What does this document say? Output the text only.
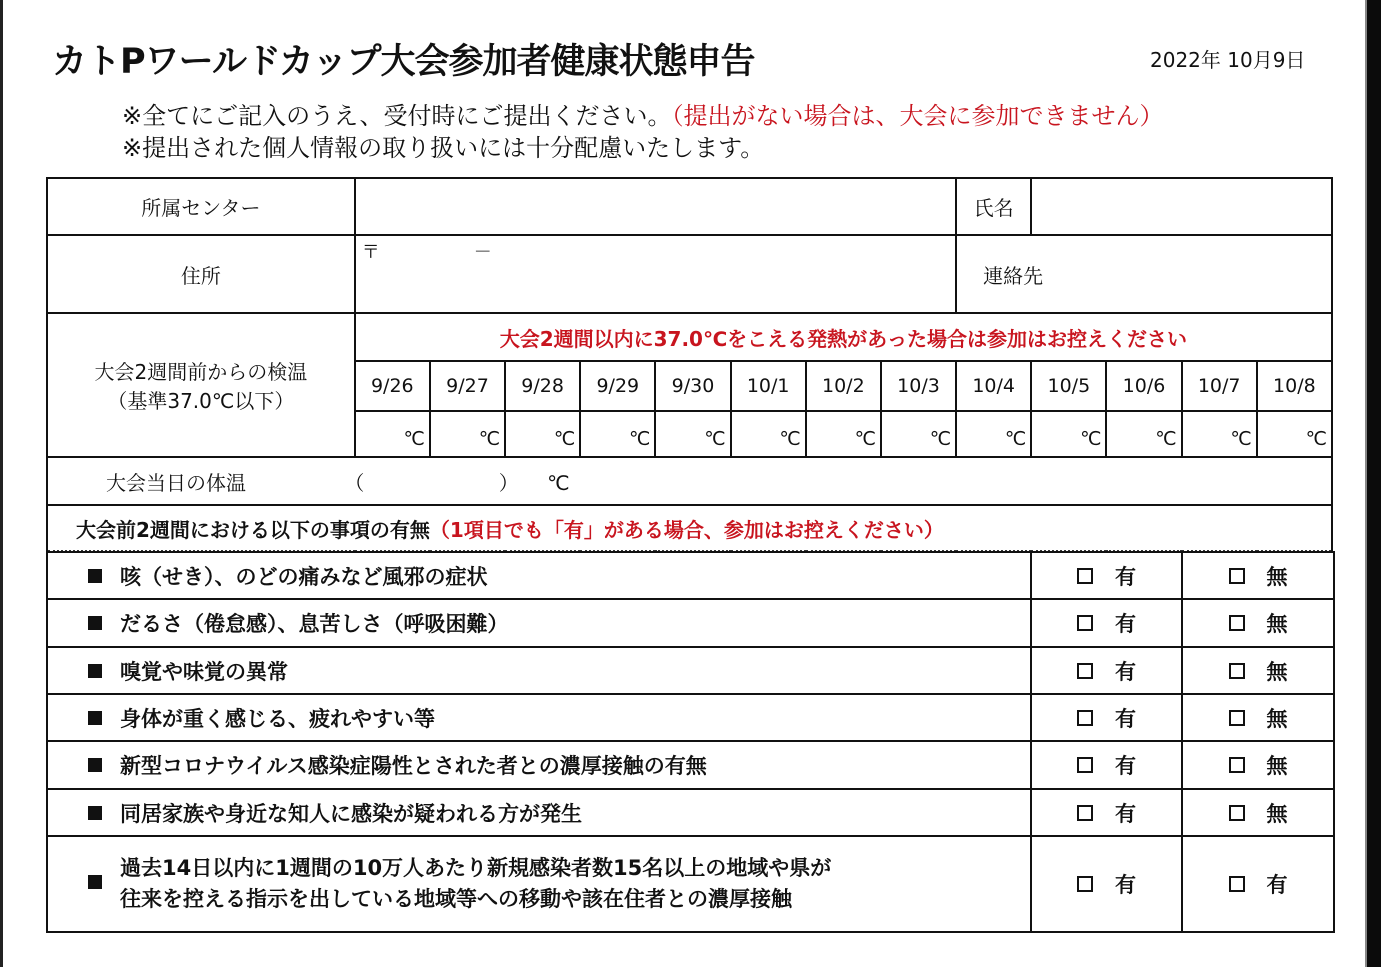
カトPワールドカップ大会参加者健康状態申告	2022年 10月9日
※全てにご記入のうえ、受付時にご提出ください。（提出がない場合は、大会に参加できません）
※提出された個人情報の取り扱いには十分配慮いたします。
所属センター									氏名				
住所	〒 －								連絡先				

大会2週間前からの検温
（基準37.0℃以下）	大会2週間以内に37.0℃をこえる発熱があった場合は参加はお控えください												
	9/26	9/27	9/28	9/29	9/30	10/1	10/2	10/3	10/4	10/5	10/6	10/7	10/8
	℃	℃	℃	℃	℃	℃	℃	℃	℃	℃	℃	℃	℃
大会当日の体温 （ ） ℃													
大会前2週間における以下の事項の有無（1項目でも「有」がある場合、参加はお控えください）													
咳（せき）、のどの痛みなど風邪の症状	有	無
だるさ（倦怠感）、息苦しさ（呼吸困難）	有	無
嗅覚や味覚の異常	有	無
身体が重く感じる、疲れやすい等	有	無
新型コロナウイルス感染症陽性とされた者との濃厚接触の有無	有	無
同居家族や身近な知人に感染が疑われる方が発生	有	無

過去14日以内に1週間の10万人あたり新規感染者数15名以上の地域や県が
往来を控える指示を出している地域等への移動や該在住者との濃厚接触	有	有
